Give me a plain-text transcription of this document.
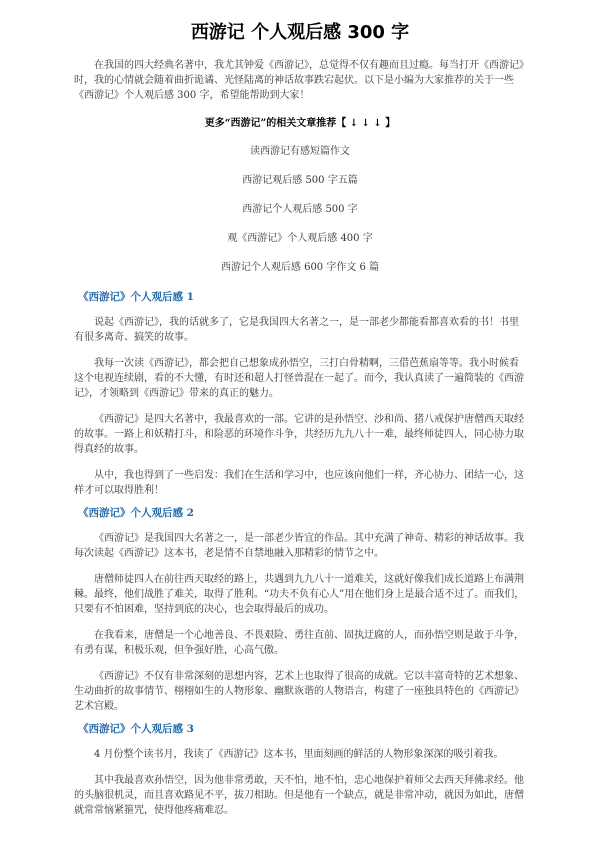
西游记 个人观后感 300 字

在我国的四大经典名著中，我尤其钟爱《西游记》，总觉得不仅有趣而且过瘾。每当打开《西游记》时，我的心情就会随着曲折诡谲、光怪陆离的神话故事跌宕起伏。以下是小编为大家推荐的关于一些《西游记》个人观后感 300 字，希望能帮助到大家！

更多“西游记”的相关文章推荐【 ↓ ↓ ↓ 】

读西游记有感短篇作文
西游记观后感 500 字五篇
西游记个人观后感 500 字
观《西游记》个人观后感 400 字
西游记个人观后感 600 字作文 6 篇

《西游记》个人观后感 1

说起《西游记》，我的话就多了，它是我国四大名著之一，是一部老少都能看都喜欢看的书！书里有很多离奇、搞笑的故事。

我每一次读《西游记》，都会把自己想象成孙悟空，三打白骨精啊，三借芭蕉扇等等。我小时候看这个电视连续剧，看的不大懂，有时还和超人打怪兽混在一起了。而今，我认真读了一遍简装的《西游记》，才领略到《西游记》带来的真正的魅力。

《西游记》是四大名著中，我最喜欢的一部。它讲的是孙悟空、沙和尚、猪八戒保护唐僧西天取经的故事。一路上和妖精打斗，和险恶的环境作斗争，共经历九九八十一难，最终师徒四人，同心协力取得真经的故事。

从中，我也得到了一些启发：我们在生活和学习中，也应该向他们一样，齐心协力、团结一心，这样才可以取得胜利！

《西游记》个人观后感 2

《西游记》是我国四大名著之一，是一部老少皆宜的作品。其中充满了神奇、精彩的神话故事。我每次读起《西游记》这本书，老是情不自禁地融入那精彩的情节之中。

唐僧师徒四人在前往西天取经的路上，共遇到九九八十一道难关，这就好像我们成长道路上布满荆棘。最终，他们战胜了难关，取得了胜利。“功夫不负有心人”用在他们身上是最合适不过了。而我们，只要有不怕困难，坚持到底的决心，也会取得最后的成功。

在我看来，唐僧是一个心地善良、不畏艰险、勇往直前、固执迂腐的人，而孙悟空则是敢于斗争，有勇有谋，积极乐观，但争强好胜，心高气傲。

《西游记》不仅有非常深刻的思想内容，艺术上也取得了很高的成就。它以丰富奇特的艺术想象、生动曲折的故事情节、栩栩如生的人物形象、幽默诙谐的人物语言，构建了一座独具特色的《西游记》艺术宫殿。

《西游记》个人观后感 3

4 月份整个读书月，我读了《西游记》这本书，里面刻画的鲜活的人物形象深深的吸引着我。

其中我最喜欢孙悟空，因为他非常勇敢，天不怕，地不怕，忠心地保护着师父去西天拜佛求经。他的头脑很机灵，而且喜欢路见不平，拔刀相助。但是他有一个缺点，就是非常冲动，就因为如此，唐僧就常常恼紧箍咒，使得他疼痛难忍。
